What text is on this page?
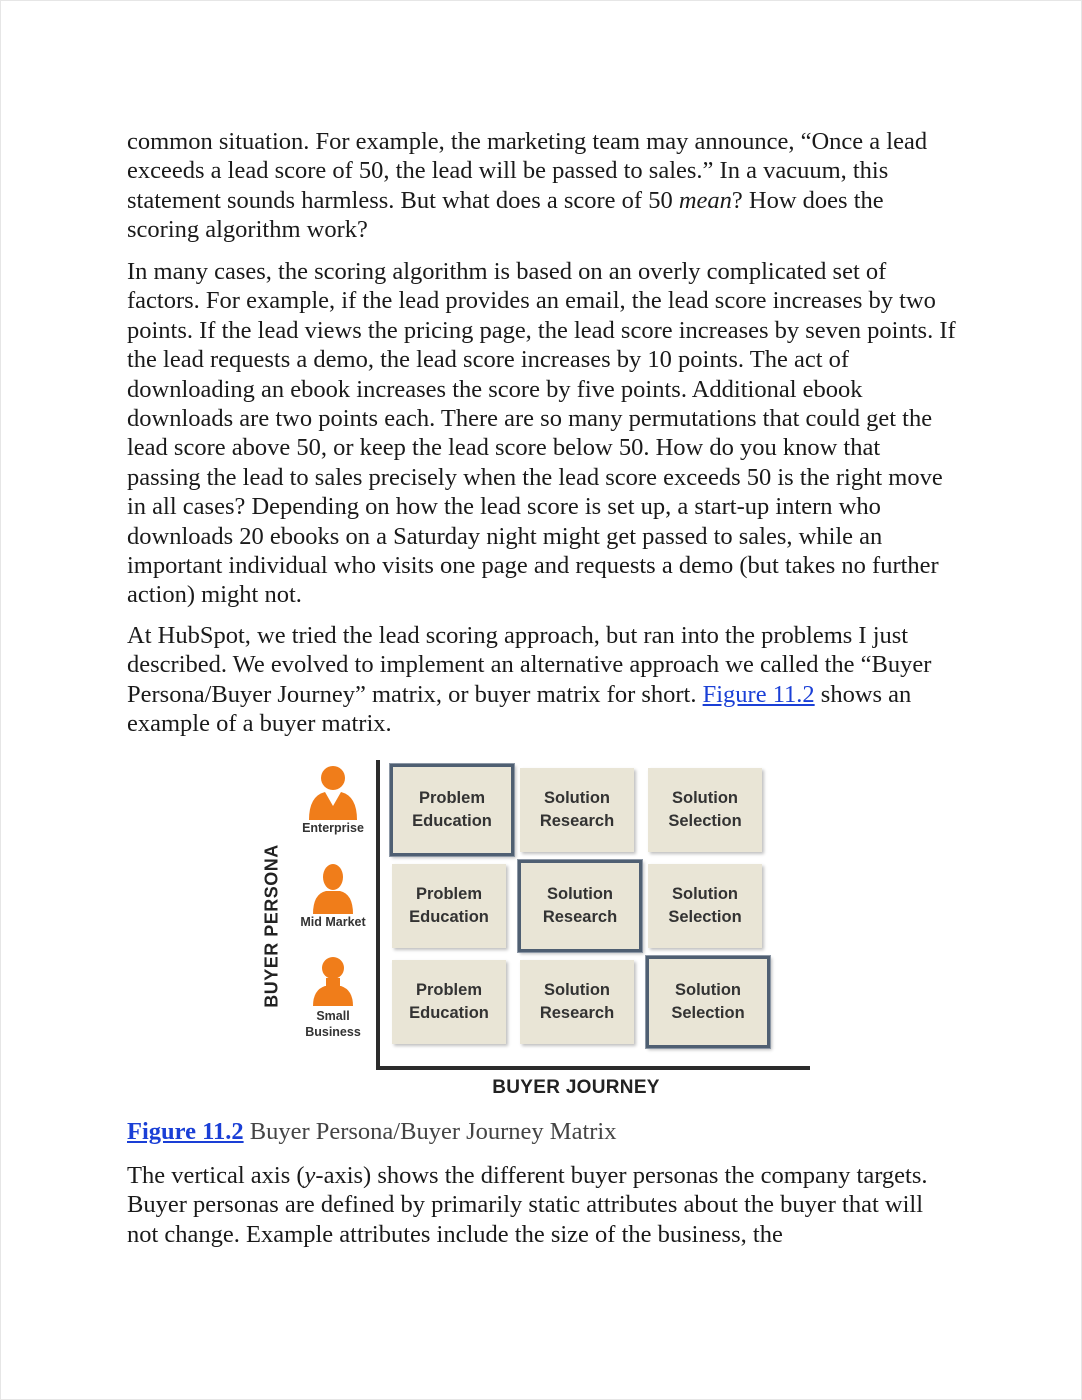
common situation. For example, the marketing team may announce, “Once a lead exceeds a lead score of 50, the lead will be passed to sales.” In a vacuum, this statement sounds harmless. But what does a score of 50 mean? How does the scoring algorithm work?

In many cases, the scoring algorithm is based on an overly complicated set of factors. For example, if the lead provides an email, the lead score increases by two points. If the lead views the pricing page, the lead score increases by seven points. If the lead requests a demo, the lead score increases by 10 points. The act of downloading an ebook increases the score by five points. Additional ebook downloads are two points each. There are so many permutations that could get the lead score above 50, or keep the lead score below 50. How do you know that passing the lead to sales precisely when the lead score exceeds 50 is the right move in all cases? Depending on how the lead score is set up, a start-up intern who downloads 20 ebooks on a Saturday night might get passed to sales, while an important individual who visits one page and requests a demo (but takes no further action) might not.

At HubSpot, we tried the lead scoring approach, but ran into the problems I just described. We evolved to implement an alternative approach we called the “Buyer Persona/Buyer Journey” matrix, or buyer matrix for short. Figure 11.2 shows an example of a buyer matrix.

BUYER PERSONA
BUYER JOURNEY
Enterprise
Mid Market
Small Business
Problem
Education
Solution
Research
Solution
Selection
Problem
Education
Solution
Research
Solution
Selection
Problem
Education
Solution
Research
Solution
Selection

Figure 11.2 Buyer Persona/Buyer Journey Matrix

The vertical axis (y-axis) shows the different buyer personas the company targets. Buyer personas are defined by primarily static attributes about the buyer that will not change. Example attributes include the size of the business, the
